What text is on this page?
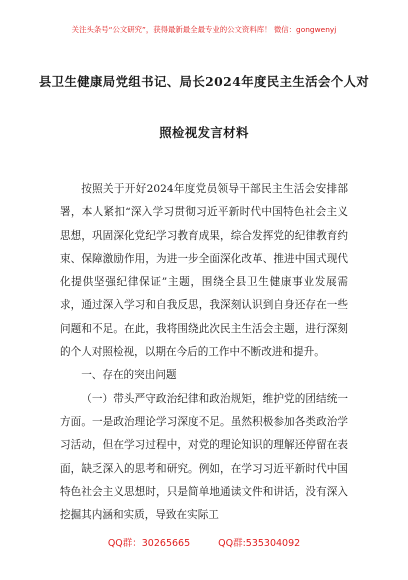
关注头条号“公文研究”，获得最新最全最专业的公文资料库！ 微信：gongwenyj
县卫生健康局党组书记、局长2024年度民主生活会个人对
照检视发言材料

按照关于开好2024年度党员领导干部民主生活会安排部署，本人紧扣“深入学习贯彻习近平新时代中国特色社会主义思想，巩固深化党纪学习教育成果，综合发挥党的纪律教育约束、保障激励作用，为进一步全面深化改革、推进中国式现代化提供坚强纪律保证”主题，围绕全县卫生健康事业发展需求，通过深入学习和自我反思，我深刻认识到自身还存在一些问题和不足。在此，我将围绕此次民主生活会主题，进行深刻的个人对照检视，以期在今后的工作中不断改进和提升。

一、存在的突出问题

（一）带头严守政治纪律和政治规矩，维护党的团结统一方面。一是政治理论学习深度不足。虽然积极参加各类政治学习活动，但在学习过程中，对党的理论知识的理解还停留在表面，缺乏深入的思考和研究。例如，在学习习近平新时代中国特色社会主义思想时，只是简单地通读文件和讲话，没有深入挖掘其内涵和实质，导致在实际工

QQ群：30265665	QQ群:535304092
